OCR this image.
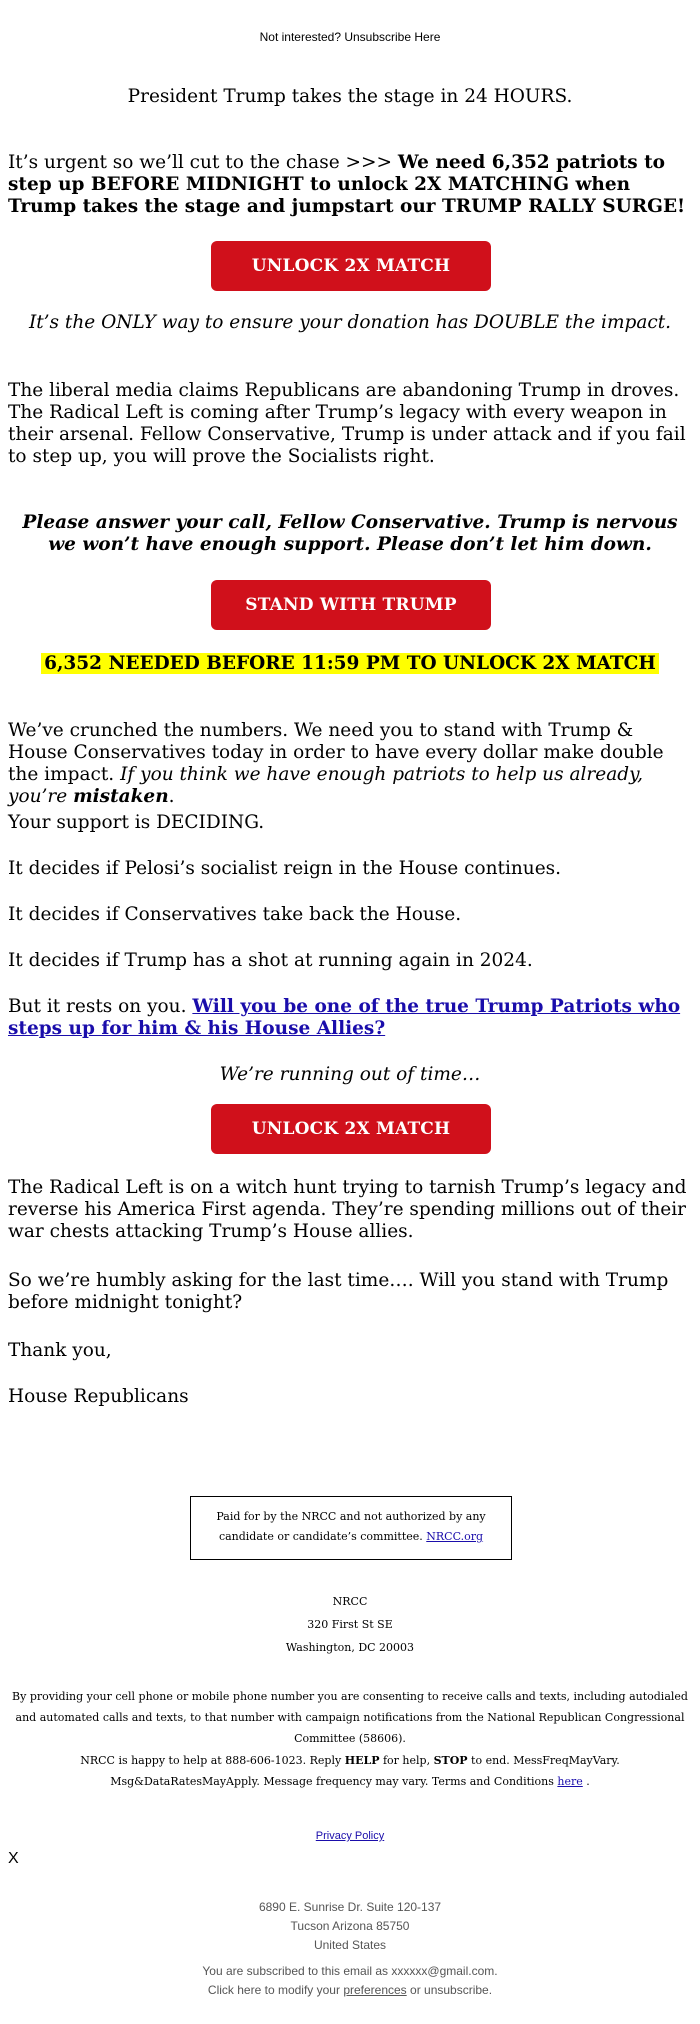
Not interested? Unsubscribe Here

President Trump takes the stage in 24 HOURS.

It’s urgent so we’ll cut to the chase >>> We need 6,352 patriots to step up BEFORE MIDNIGHT to unlock 2X MATCHING when Trump takes the stage and jumpstart our TRUMP RALLY SURGE!

UNLOCK 2X MATCH

It’s the ONLY way to ensure your donation has DOUBLE the impact.

The liberal media claims Republicans are abandoning Trump in droves. The Radical Left is coming after Trump’s legacy with every weapon in their arsenal. Fellow Conservative, Trump is under attack and if you fail to step up, you will prove the Socialists right.

Please answer your call, Fellow Conservative. Trump is nervous we won’t have enough support. Please don’t let him down.

STAND WITH TRUMP
6,352 NEEDED BEFORE 11:59 PM TO UNLOCK 2X MATCH

We’ve crunched the numbers. We need you to stand with Trump & House Conservatives today in order to have every dollar make double the impact. If you think we have enough patriots to help us already, you’re mistaken.

Your support is DECIDING.

It decides if Pelosi’s socialist reign in the House continues.

It decides if Conservatives take back the House.

It decides if Trump has a shot at running again in 2024.

But it rests on you. Will you be one of the true Trump Patriots who steps up for him & his House Allies?

We’re running out of time…

UNLOCK 2X MATCH

The Radical Left is on a witch hunt trying to tarnish Trump’s legacy and reverse his America First agenda. They’re spending millions out of their war chests attacking Trump’s House allies.

So we’re humbly asking for the last time…. Will you stand with Trump before midnight tonight?

Thank you,

House Republicans

Paid for by the NRCC and not authorized by any candidate or candidate’s committee. NRCC.org
NRCC
320 First St SE
Washington, DC 20003
By providing your cell phone or mobile phone number you are consenting to receive calls and texts, including autodialed and automated calls and texts, to that number with campaign notifications from the National Republican Congressional Committee (58606).
NRCC is happy to help at 888-606-1023. Reply HELP for help, STOP to end. MessFreqMayVary. Msg&DataRatesMayApply. Message frequency may vary. Terms and Conditions here .
Privacy Policy
X
6890 E. Sunrise Dr. Suite 120-137
Tucson Arizona 85750
United States
You are subscribed to this email as xxxxxx@gmail.com.
Click here to modify your preferences or unsubscribe.
